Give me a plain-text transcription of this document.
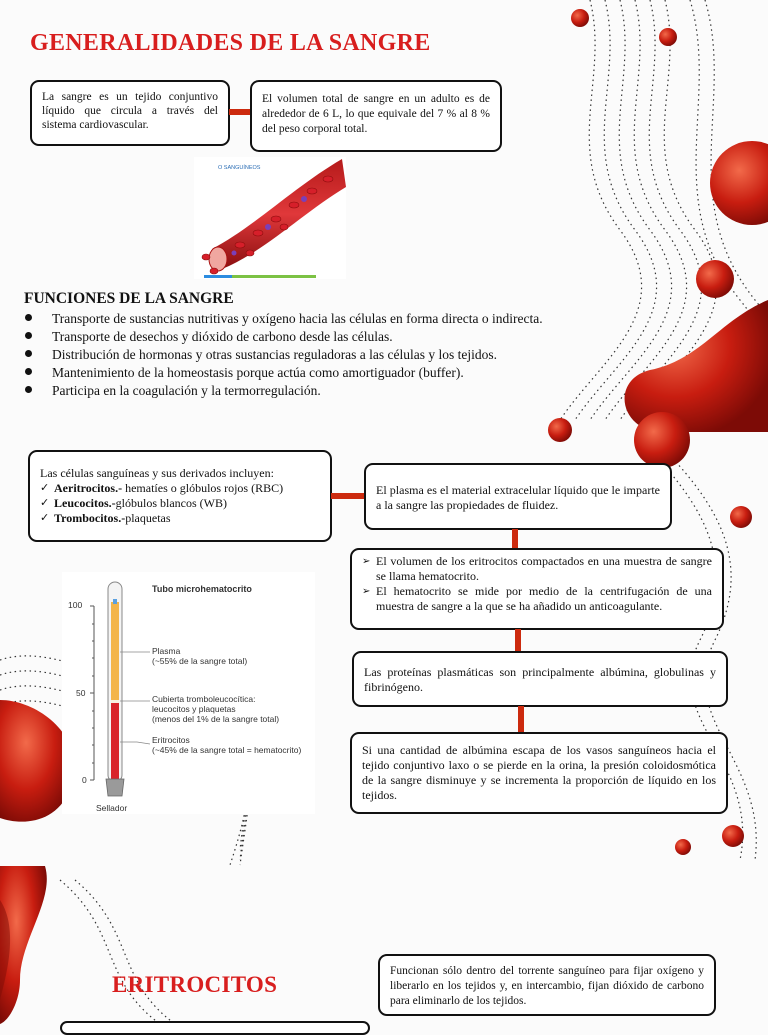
GENERALIDADES DE LA SANGRE
La sangre es un tejido conjuntivo líquido que circula a través del sistema cardiovascular.
El volumen total de sangre en un adulto es de alrededor de 6 L, lo que equivale del 7 % al 8 % del peso corporal total.
O SANGUÍNEOS
FUNCIONES DE LA SANGRE
Transporte de sustancias nutritivas y oxígeno hacia las células en forma directa o indirecta.
Transporte de desechos y dióxido de carbono desde las células.
Distribución de hormonas y otras sustancias reguladoras a las células y los tejidos.
Mantenimiento de la homeostasis porque actúa como amortiguador (buffer).
Participa en la coagulación y la termorregulación.
Las células sanguíneas y sus derivados incluyen:
✓ Aeritrocitos.- hematíes o glóbulos rojos (RBC)
✓ Leucocitos.-glóbulos blancos (WB)
✓ Trombocitos.-plaquetas
El plasma es el material extracelular líquido que le imparte a la sangre las propiedades de fluidez.
➢ El volumen de los eritrocitos compactados en una muestra de sangre se llama hematocrito.
➢ El hematocrito se mide por medio de la centrifugación de una muestra de sangre a la que se ha añadido un anticoagulante.
Las proteínas plasmáticas son principalmente albúmina, globulinas y fibrinógeno.
Si una cantidad de albúmina escapa de los vasos sanguíneos hacia el tejido conjuntivo laxo o se pierde en la orina, la presión coloidosmótica de la sangre disminuye y se incrementa la proporción de líquido en los tejidos.
Tubo microhematocrito
100
50
0
Plasma
(~55% de la sangre total)
Cubierta tromboleucocítica:
leucocitos y plaquetas
(menos del 1% de la sangre total)
Eritrocitos
(~45% de la sangre total = hematocrito)
Sellador
ERITROCITOS
Funcionan sólo dentro del torrente sanguíneo para fijar oxígeno y liberarlo en los tejidos y, en intercambio, fijan dióxido de carbono para eliminarlo de los tejidos.
